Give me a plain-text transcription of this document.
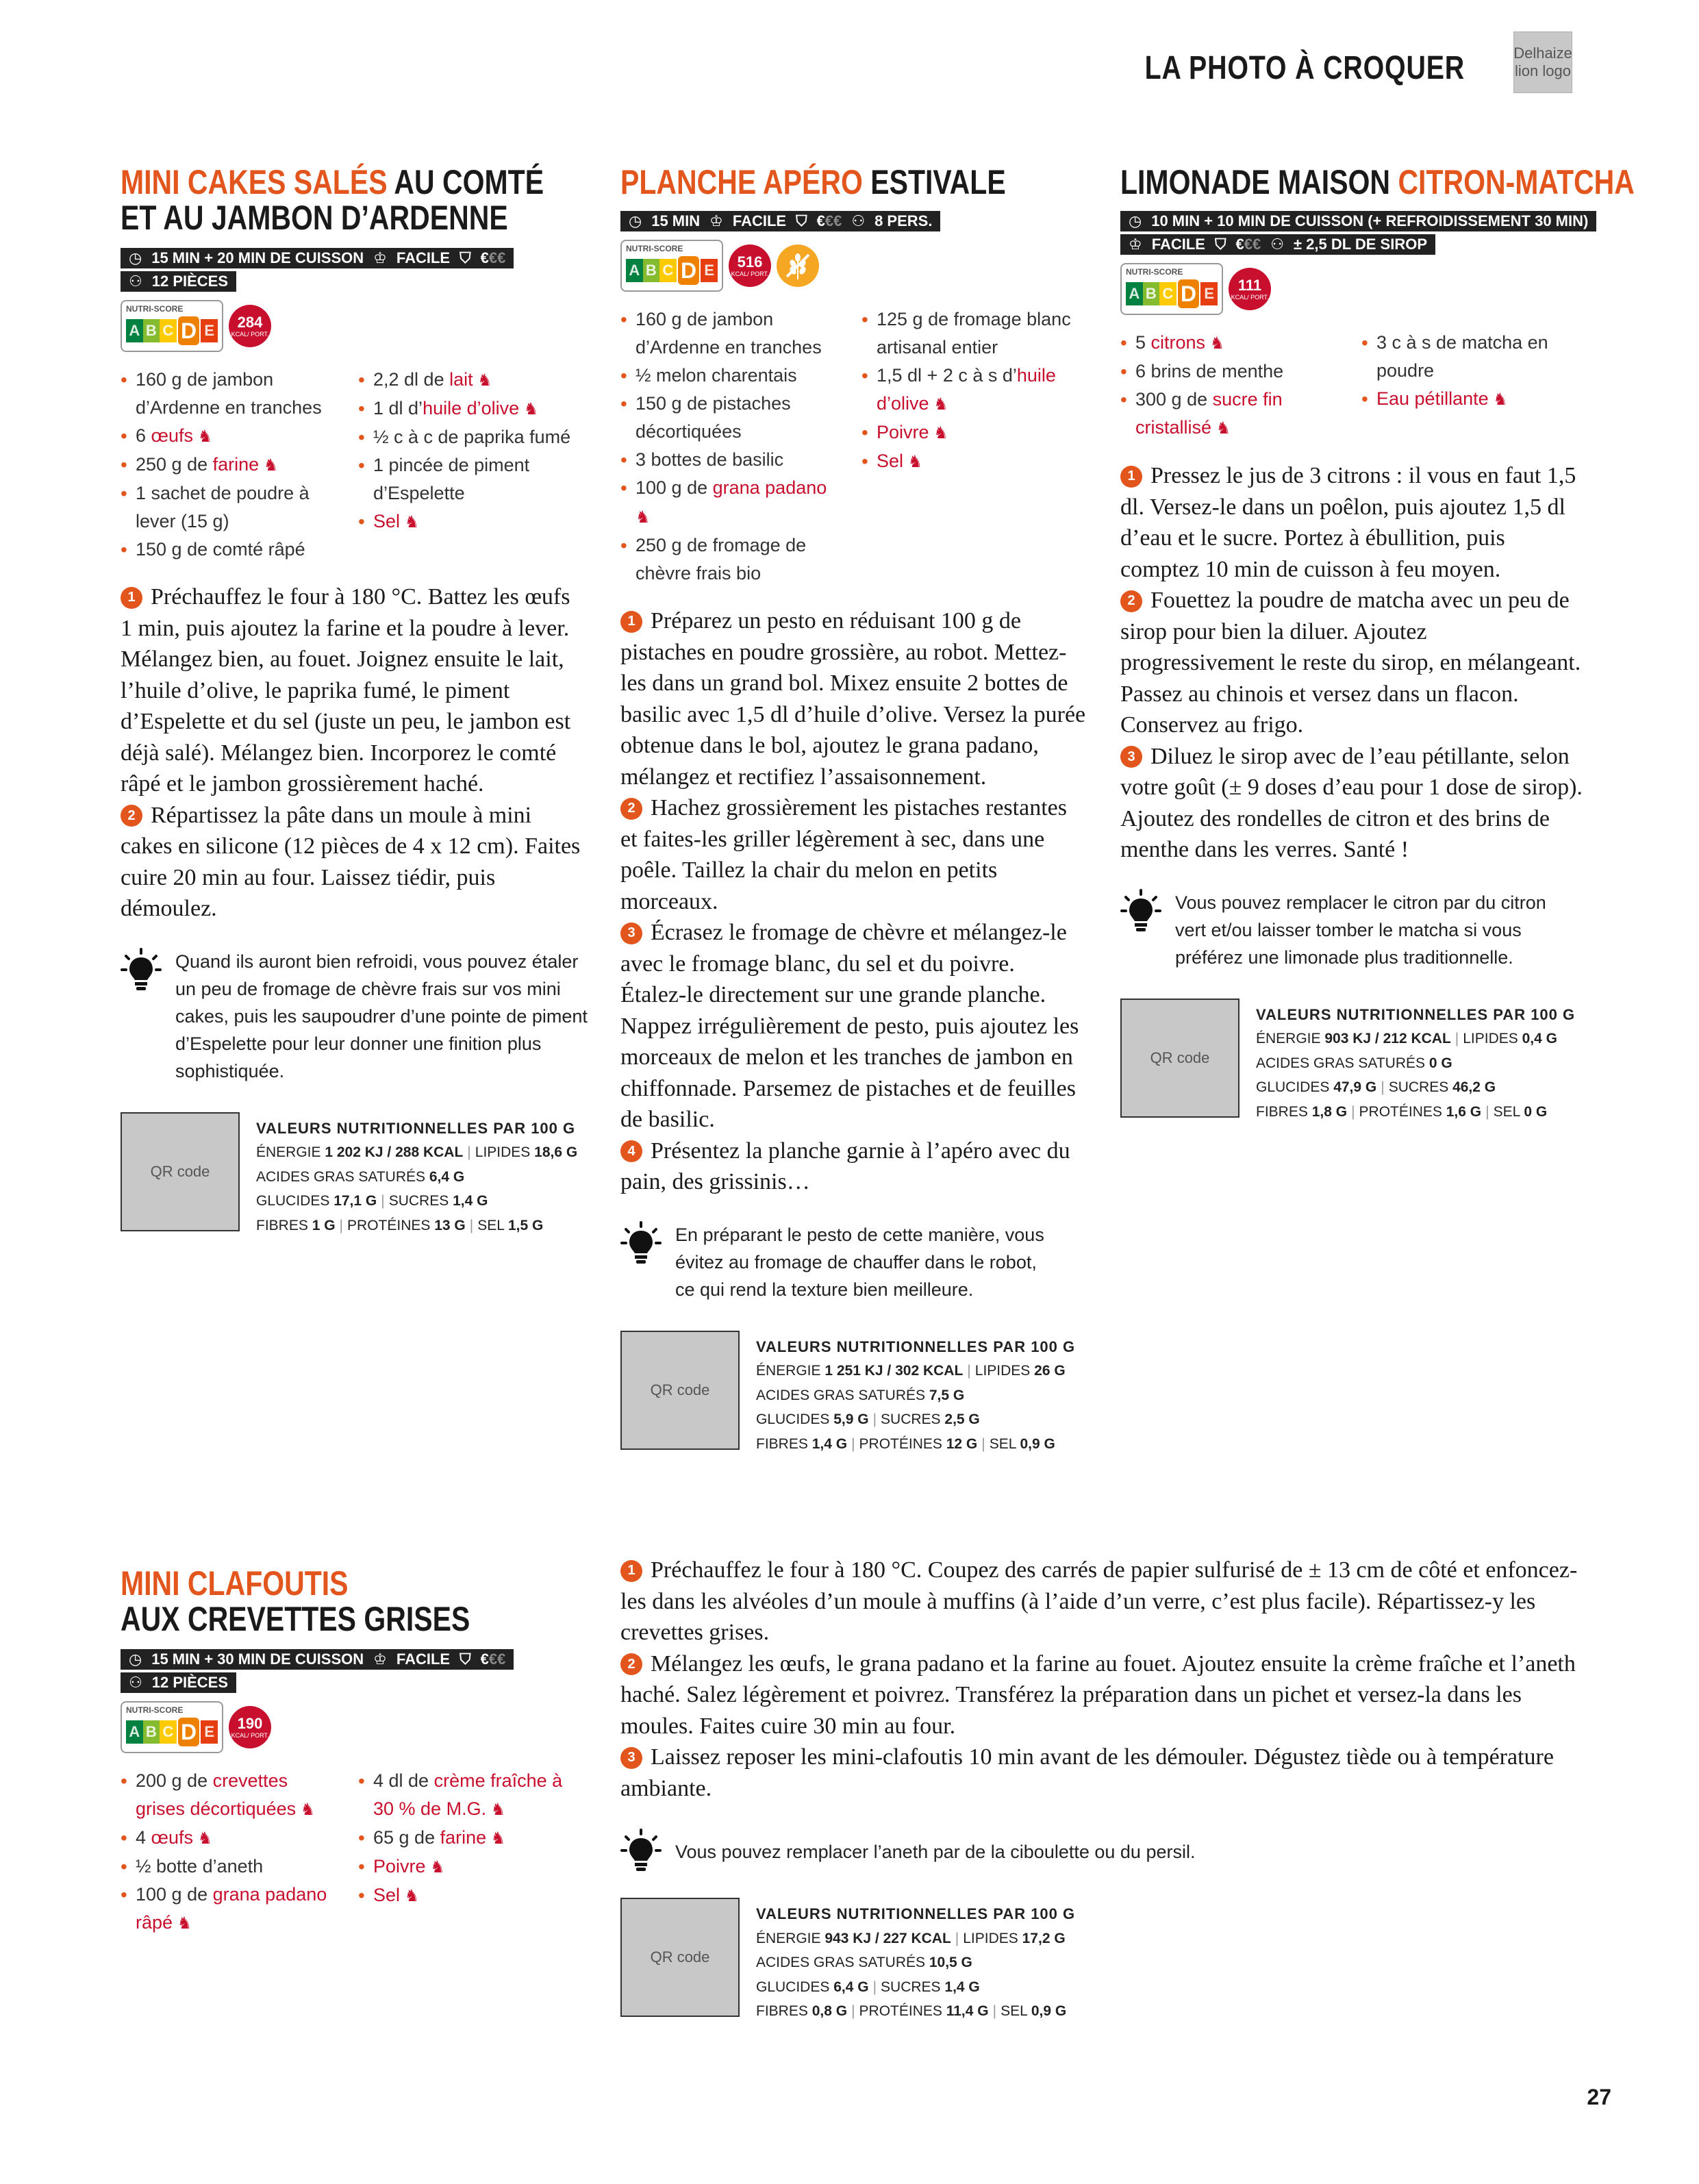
LA PHOTO À CROQUER	Delhaize lion logo
MINI CAKES SALÉS AU COMTÉ
ET AU JAMBON D’ARDENNE
◷ 15 MIN + 20 MIN DE CUISSON ♔ FACILE ⛉ €€€

⚇ 12 PIÈCES
NUTRI-SCORE
A B C D E 284
KCAL/ PORT.
• 160 g de jambon d’Ardenne en tranches
• 6 œufs ♞
• 250 g de farine ♞
• 1 sachet de poudre à lever (15 g)
• 150 g de comté râpé
• 2,2 dl de lait ♞
• 1 dl d’huile d’olive ♞
• ½ c à c de paprika fumé
• 1 pincée de piment d’Espelette
• Sel ♞

1 Préchauffez le four à 180 °C. Battez les œufs 1 min, puis ajoutez la farine et la poudre à lever. Mélangez bien, au fouet. Joignez ensuite le lait, l’huile d’olive, le paprika fumé, le piment d’Espelette et du sel (juste un peu, le jambon est déjà salé). Mélangez bien. Incorporez le comté râpé et le jambon grossièrement haché.

2 Répartissez la pâte dans un moule à mini cakes en silicone (12 pièces de 4 x 12 cm). Faites cuire 20 min au four. Laissez tiédir, puis démoulez.

Quand ils auront bien refroidi, vous pouvez étaler un peu de fromage de chèvre frais sur vos mini cakes, puis les saupoudrer d’une pointe de piment d’Espelette pour leur donner une finition plus sophistiquée.
QR code
VALEURS NUTRITIONNELLES PAR 100 G
ÉNERGIE 1 202 KJ / 288 KCAL | LIPIDES 18,6 G
ACIDES GRAS SATURÉS 6,4 G
GLUCIDES 17,1 G | SUCRES 1,4 G
FIBRES 1 G | PROTÉINES 13 G | SEL 1,5 G
PLANCHE APÉRO ESTIVALE
◷ 15 MIN ♔ FACILE ⛉ €€€ ⚇ 8 PERS.
NUTRI-SCORE
A B C D E 516
KCAL/ PORT.
• 160 g de jambon d’Ardenne en tranches
• ½ melon charentais
• 150 g de pistaches décortiquées
• 3 bottes de basilic
• 100 g de grana padano ♞
• 250 g de fromage de chèvre frais bio
• 125 g de fromage blanc artisanal entier
• 1,5 dl + 2 c à s d’huile d’olive ♞
• Poivre ♞
• Sel ♞

1 Préparez un pesto en réduisant 100 g de pistaches en poudre grossière, au robot. Mettez-les dans un grand bol. Mixez ensuite 2 bottes de basilic avec 1,5 dl d’huile d’olive. Versez la purée obtenue dans le bol, ajoutez le grana padano, mélangez et rectifiez l’assaisonnement.

2 Hachez grossièrement les pistaches restantes et faites-les griller légèrement à sec, dans une poêle. Taillez la chair du melon en petits morceaux.

3 Écrasez le fromage de chèvre et mélangez-le avec le fromage blanc, du sel et du poivre. Étalez-le directement sur une grande planche. Nappez irrégulièrement de pesto, puis ajoutez les morceaux de melon et les tranches de jambon en chiffonnade. Parsemez de pistaches et de feuilles de basilic.

4 Présentez la planche garnie à l’apéro avec du pain, des grissinis…

En préparant le pesto de cette manière, vous évitez au fromage de chauffer dans le robot, ce qui rend la texture bien meilleure.
QR code
VALEURS NUTRITIONNELLES PAR 100 G
ÉNERGIE 1 251 KJ / 302 KCAL | LIPIDES 26 G
ACIDES GRAS SATURÉS 7,5 G
GLUCIDES 5,9 G | SUCRES 2,5 G
FIBRES 1,4 G | PROTÉINES 12 G | SEL 0,9 G
LIMONADE MAISON CITRON-MATCHA
◷ 10 MIN + 10 MIN DE CUISSON (+ REFROIDISSEMENT 30 MIN)

♔ FACILE ⛉ €€€ ⚇ ± 2,5 DL DE SIROP
NUTRI-SCORE
A B C D E 111
KCAL/ PORT.
• 5 citrons ♞
• 6 brins de menthe
• 300 g de sucre fin cristallisé ♞
• 3 c à s de matcha en poudre
• Eau pétillante ♞

1 Pressez le jus de 3 citrons : il vous en faut 1,5 dl. Versez-le dans un poêlon, puis ajoutez 1,5 dl d’eau et le sucre. Portez à ébullition, puis comptez 10 min de cuisson à feu moyen.

2 Fouettez la poudre de matcha avec un peu de sirop pour bien la diluer. Ajoutez progressivement le reste du sirop, en mélangeant. Passez au chinois et versez dans un flacon. Conservez au frigo.

3 Diluez le sirop avec de l’eau pétillante, selon votre goût (± 9 doses d’eau pour 1 dose de sirop). Ajoutez des rondelles de citron et des brins de menthe dans les verres. Santé !

Vous pouvez remplacer le citron par du citron vert et/ou laisser tomber le matcha si vous préférez une limonade plus traditionnelle.
QR code
VALEURS NUTRITIONNELLES PAR 100 G
ÉNERGIE 903 KJ / 212 KCAL | LIPIDES 0,4 G
ACIDES GRAS SATURÉS 0 G
GLUCIDES 47,9 G | SUCRES 46,2 G
FIBRES 1,8 G | PROTÉINES 1,6 G | SEL 0 G
MINI CLAFOUTIS
AUX CREVETTES GRISES
◷ 15 MIN + 30 MIN DE CUISSON ♔ FACILE ⛉ €€€

⚇ 12 PIÈCES
NUTRI-SCORE
A B C D E 190
KCAL/ PORT.
• 200 g de crevettes grises décortiquées ♞
• 4 œufs ♞
• ½ botte d’aneth
• 100 g de grana padano râpé ♞
• 4 dl de crème fraîche à 30 % de M.G. ♞
• 65 g de farine ♞
• Poivre ♞
• Sel ♞

1 Préchauffez le four à 180 °C. Coupez des carrés de papier sulfurisé de ± 13 cm de côté et enfoncez-les dans les alvéoles d’un moule à muffins (à l’aide d’un verre, c’est plus facile). Répartissez-y les crevettes grises.

2 Mélangez les œufs, le grana padano et la farine au fouet. Ajoutez ensuite la crème fraîche et l’aneth haché. Salez légèrement et poivrez. Transférez la préparation dans un pichet et versez-la dans les moules. Faites cuire 30 min au four.

3 Laissez reposer les mini-clafoutis 10 min avant de les démouler. Dégustez tiède ou à température ambiante.

Vous pouvez remplacer l’aneth par de la ciboulette ou du persil.
QR code
VALEURS NUTRITIONNELLES PAR 100 G
ÉNERGIE 943 KJ / 227 KCAL | LIPIDES 17,2 G
ACIDES GRAS SATURÉS 10,5 G
GLUCIDES 6,4 G | SUCRES 1,4 G
FIBRES 0,8 G | PROTÉINES 11,4 G | SEL 0,9 G
27
